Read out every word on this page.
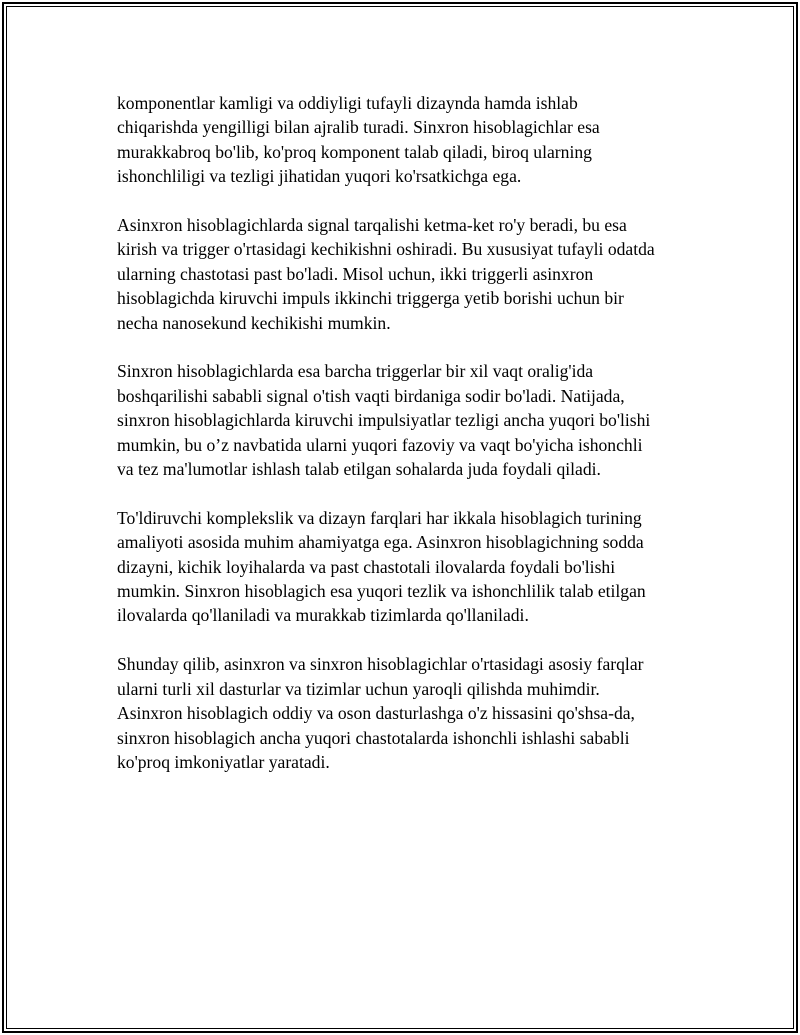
komponentlar kamligi va oddiyligi tufayli dizaynda hamda ishlab
chiqarishda yengilligi bilan ajralib turadi. Sinxron hisoblagichlar esa
murakkabroq bo'lib, ko'proq komponent talab qiladi, biroq ularning
ishonchliligi va tezligi jihatidan yuqori ko'rsatkichga ega.

Asinxron hisoblagichlarda signal tarqalishi ketma-ket ro'y beradi, bu esa
kirish va trigger o'rtasidagi kechikishni oshiradi. Bu xususiyat tufayli odatda
ularning chastotasi past bo'ladi. Misol uchun, ikki triggerli asinxron
hisoblagichda kiruvchi impuls ikkinchi triggerga yetib borishi uchun bir
necha nanosekund kechikishi mumkin.

Sinxron hisoblagichlarda esa barcha triggerlar bir xil vaqt oralig'ida
boshqarilishi sababli signal o'tish vaqti birdaniga sodir bo'ladi. Natijada,
sinxron hisoblagichlarda kiruvchi impulsiyatlar tezligi ancha yuqori bo'lishi
mumkin, bu o’z navbatida ularni yuqori fazoviy va vaqt bo'yicha ishonchli
va tez ma'lumotlar ishlash talab etilgan sohalarda juda foydali qiladi.

To'ldiruvchi komplekslik va dizayn farqlari har ikkala hisoblagich turining
amaliyoti asosida muhim ahamiyatga ega. Asinxron hisoblagichning sodda
dizayni, kichik loyihalarda va past chastotali ilovalarda foydali bo'lishi
mumkin. Sinxron hisoblagich esa yuqori tezlik va ishonchlilik talab etilgan
ilovalarda qo'llaniladi va murakkab tizimlarda qo'llaniladi.

Shunday qilib, asinxron va sinxron hisoblagichlar o'rtasidagi asosiy farqlar
ularni turli xil dasturlar va tizimlar uchun yaroqli qilishda muhimdir.
Asinxron hisoblagich oddiy va oson dasturlashga o'z hissasini qo'shsa-da,
sinxron hisoblagich ancha yuqori chastotalarda ishonchli ishlashi sababli
ko'proq imkoniyatlar yaratadi.
